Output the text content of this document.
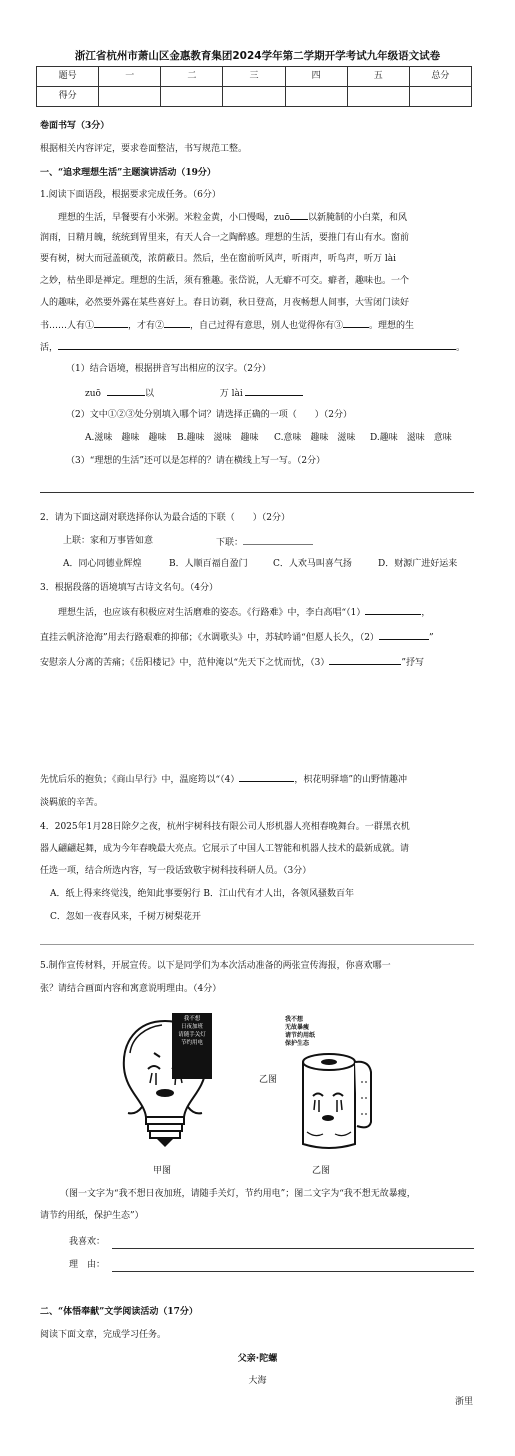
浙江省杭州市萧山区金惠教育集团2024学年第二学期开学考试九年级语文试卷
题号	一	二	三	四	五	总分
得分						
卷面书写（3分）
根据相关内容评定，要求卷面整洁，书写规范工整。
一、“追求理想生活”主题演讲活动（19分）
1.阅读下面语段，根据要求完成任务。（6分）
理想的生活，早餐要有小米粥。米粒金黄，小口慢喝，zuō 以新腌制的小白菜，和风
润雨，日精月魄，统统到胃里来，有天人合一之陶醉感。理想的生活，要推门有山有水。窗前
要有树，树大而冠盖硕茂，浓荫蔽日。然后，坐在窗前听风声，听雨声，听鸟声，听万 lài
之妙，枯坐即是禅定。理想的生活，须有雅趣。张岱说，人无癖不可交。癖者，趣味也。一个
人的趣味，必然要外露在某些喜好上。春日访剃，秋日登高，月夜畅想人间事，大雪闭门读好
书……人有①	，才有②	，自己过得有意思，别人也觉得你有③	。理想的生
活，	。
（1）结合语境，根据拼音写出相应的汉字。（2分）
zuō	以	万 lài
（2）文中①②③处分别填入哪个词？请选择正确的一项（　　）（2分）
A.滋味　趣味　趣味 B.趣味　滋味　趣味 C.意味　趣味　滋味 D.趣味　滋味　意味
（3）“理想的生活”还可以是怎样的？请在横线上写一写。（2分）
2．请为下面这副对联选择你认为最合适的下联（　　）（2分）
上联：家和万事皆如意	下联：
A．同心同德业辉煌	B．人顺百福自盈门	C．人欢马叫喜气扬	D．财源广进好运来
3．根据段落的语境填写古诗文名句。（4分）
理想生活，也应该有积极应对生活磨难的姿态。《行路难》中，李白高唱“（1）	，
直挂云帆济沧海”用去行路艰难的抑郁；《水调歌头》中，苏轼吟诵“但愿人长久，（2）	”
安慰亲人分离的苦痛；《岳阳楼记》中，范仲淹以“先天下之忧而忧，（3）	”抒写
先忧后乐的抱负；《商山早行》中，温庭筠以“（4）	，枳花明驿墙”的山野情趣冲
淡羁旅的辛苦。
4．2025年1月28日除夕之夜，杭州宇树科技有限公司人形机器人亮相春晚舞台。一群黑衣机
器人翩翩起舞，成为今年春晚最大亮点。它展示了中国人工智能和机器人技术的最新成就。请
任选一项，结合所选内容，写一段话致敬宇树科技科研人员。（3分）
A．纸上得来终觉浅，绝知此事要躬行 B．江山代有才人出，各领风骚数百年
C．忽如一夜春风来，千树万树梨花开
5.制作宣传材料，开展宣传。以下是同学们为本次活动准备的两张宣传海报，你喜欢哪一
张？请结合画面内容和寓意说明理由。（4分）
我不想
日夜加班
请随手关灯
节约用电
我不想
无故暴瘦
请节约用纸
保护生态
乙图
甲图	乙图
（图一文字为“我不想日夜加班，请随手关灯，节约用电”；图二文字为“我不想无故暴瘦，
请节约用纸，保护生态”）
我喜欢：
理　由：
二、“体悟奉献”文学阅读活动（17分）
阅读下面文章，完成学习任务。
父亲·陀螺
大海
浙里
